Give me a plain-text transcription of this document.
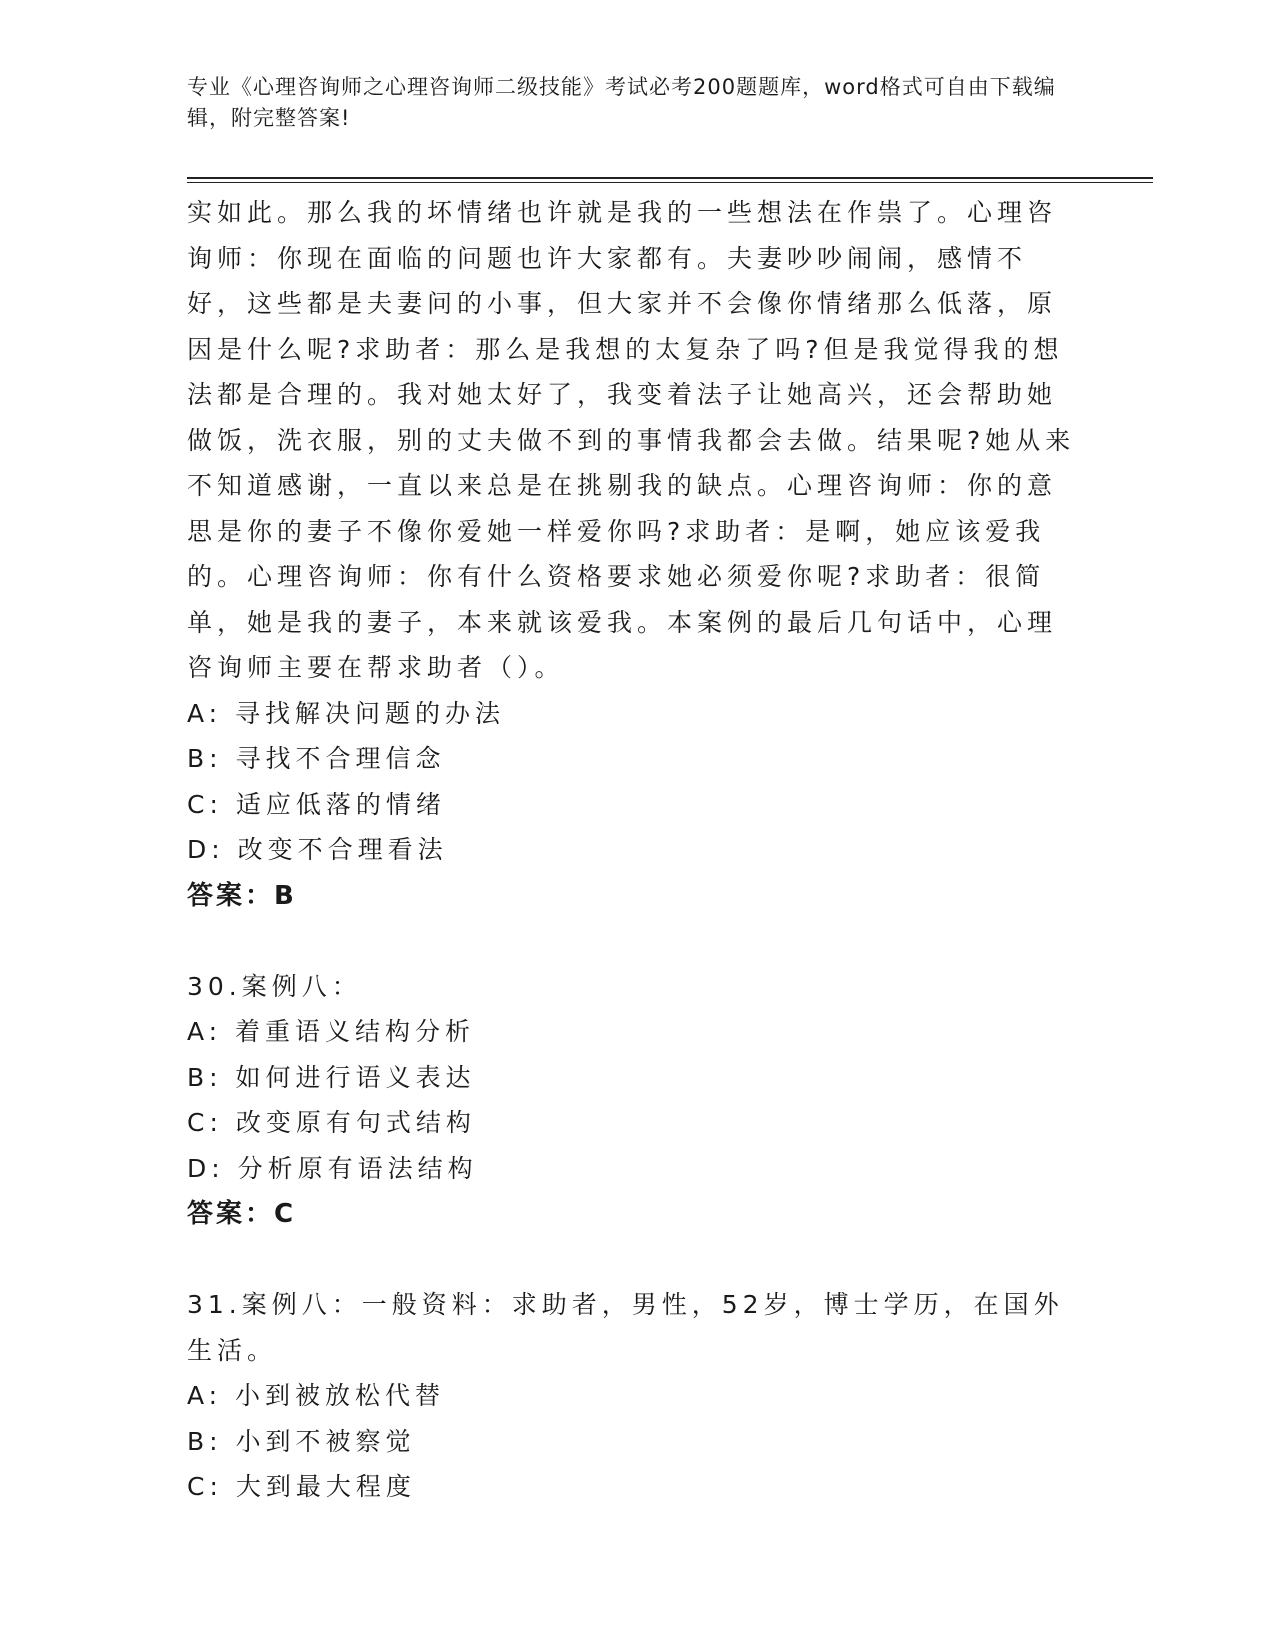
专业《心理咨询师之心理咨询师二级技能》考试必考200题题库，word格式可自由下载编辑，附完整答案!

实如此。那么我的坏情绪也许就是我的一些想法在作祟了。心理咨询师：你现在面临的问题也许大家都有。夫妻吵吵闹闹，感情不好，这些都是夫妻问的小事，但大家并不会像你情绪那么低落，原因是什么呢?求助者：那么是我想的太复杂了吗?但是我觉得我的想法都是合理的。我对她太好了，我变着法子让她高兴，还会帮助她做饭，洗衣服，别的丈夫做不到的事情我都会去做。结果呢?她从来不知道感谢，一直以来总是在挑剔我的缺点。心理咨询师：你的意思是你的妻子不像你爱她一样爱你吗?求助者：是啊，她应该爱我的。心理咨询师：你有什么资格要求她必须爱你呢?求助者：很简单，她是我的妻子，本来就该爱我。本案例的最后几句话中，心理咨询师主要在帮求助者（）。

A: 寻找解决问题的办法

B: 寻找不合理信念

C: 适应低落的情绪

D: 改变不合理看法

答案：B

30.案例八：

A: 着重语义结构分析

B: 如何进行语义表达

C: 改变原有句式结构

D: 分析原有语法结构

答案：C

31.案例八：一般资料：求助者，男性，52岁，博士学历，在国外生活。

A: 小到被放松代替

B: 小到不被察觉

C: 大到最大程度
